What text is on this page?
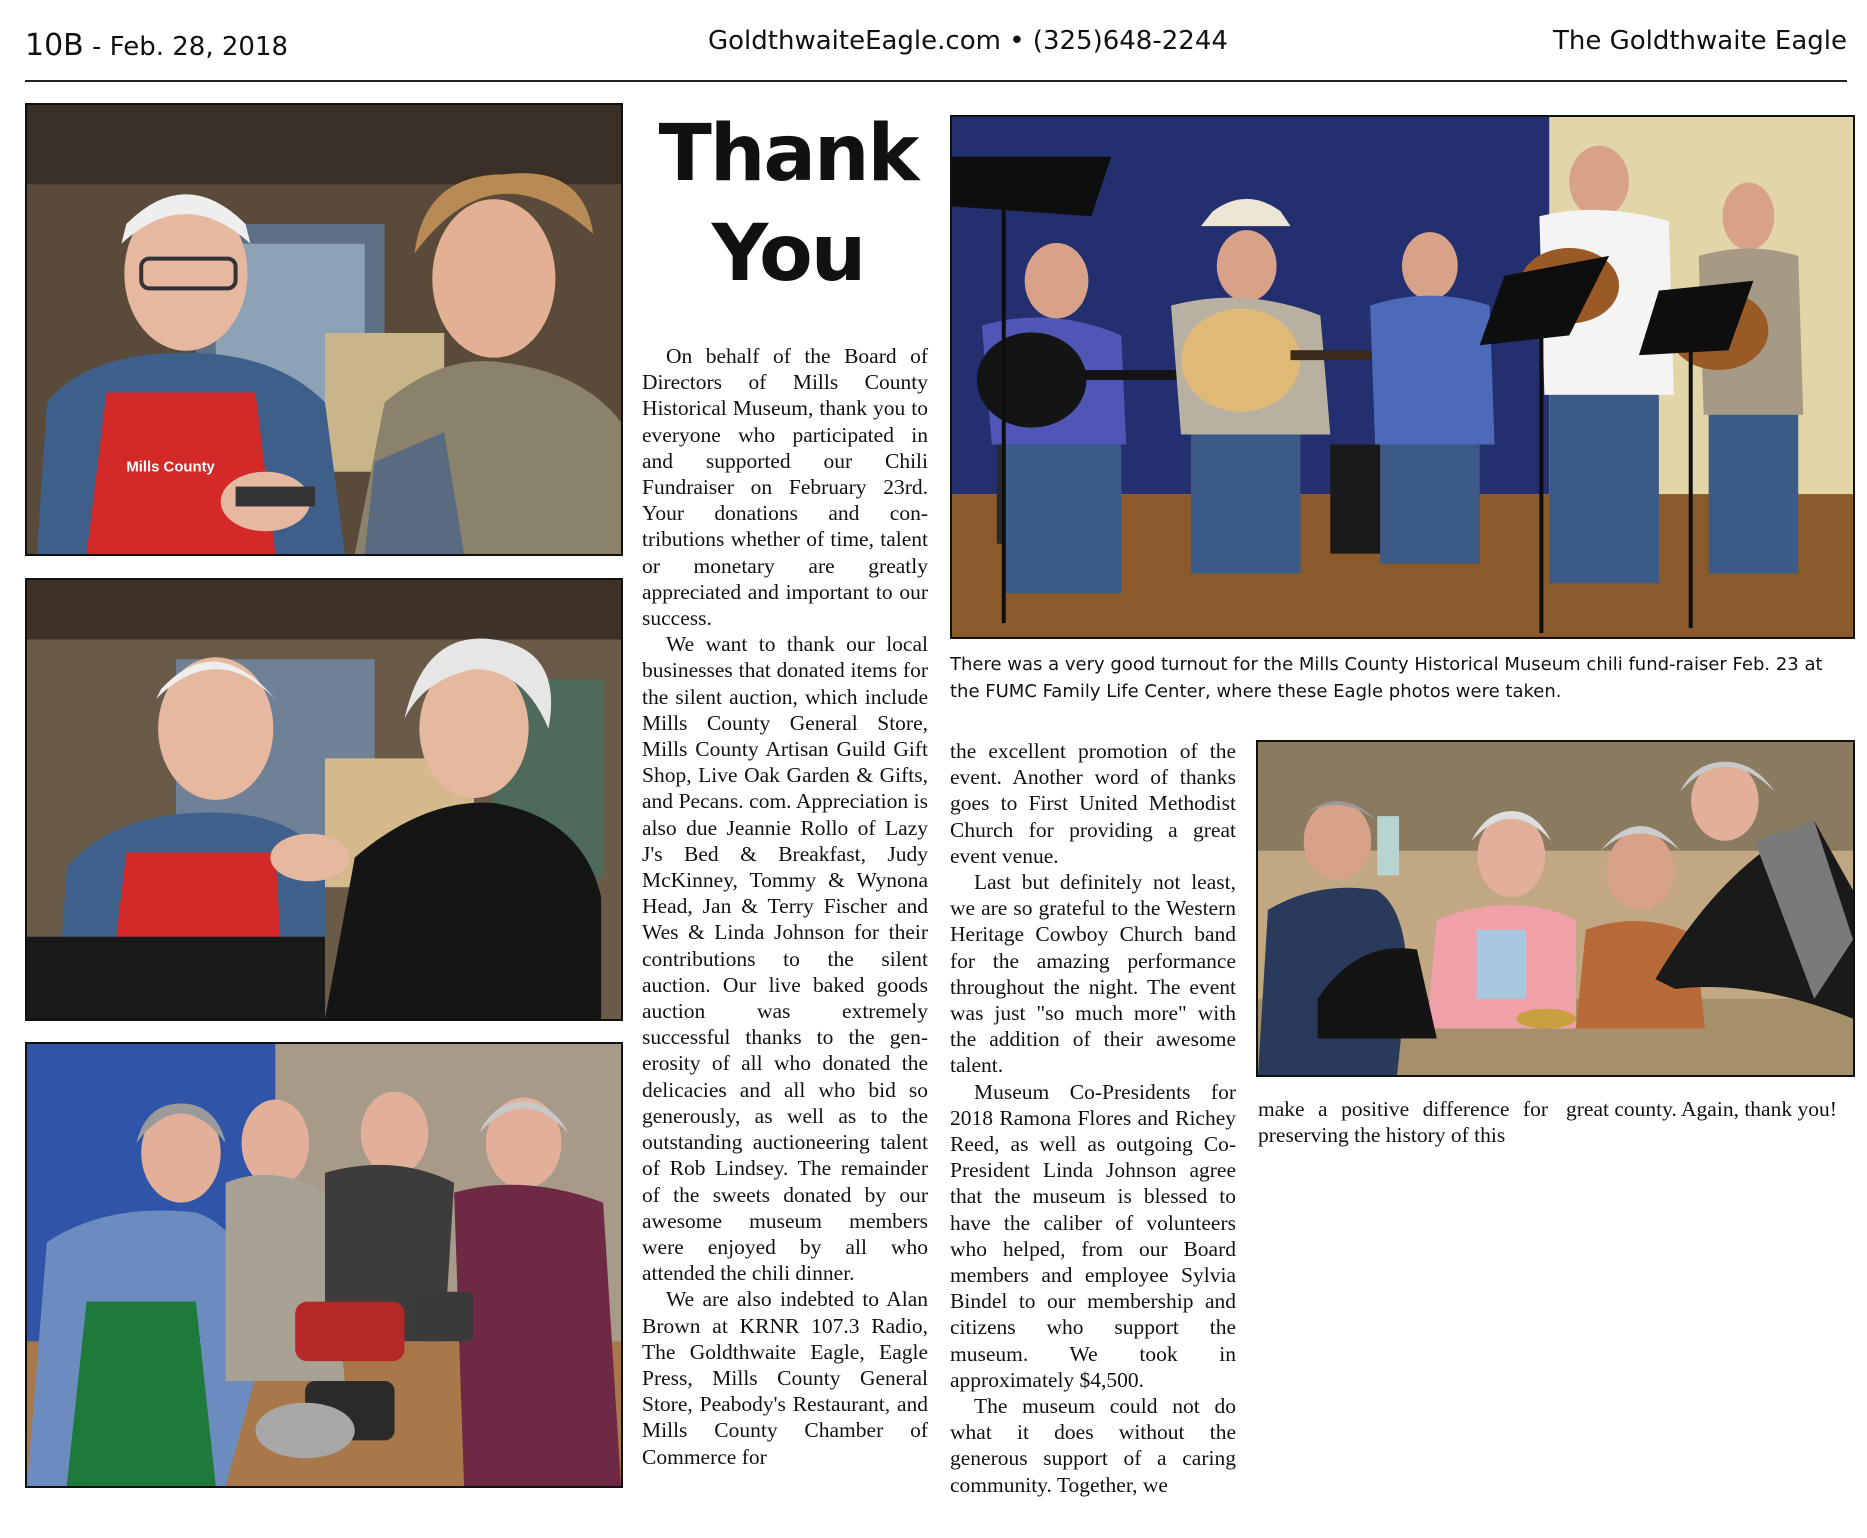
10B - Feb. 28, 2018	GoldthwaiteEagle.com • (325)648-2244	The Goldthwaite Eagle
Mills County
Thank
You

On behalf of the Board of Directors of Mills County Historical Museum, thank you to everyone who participated in and supported our Chili Fundraiser on February 23rd. Your donations and contributions whether of time, talent or monetary are greatly appreciated and important to our success.

We want to thank our local businesses that donated items for the silent auction, which include Mills County General Store, Mills County Artisan Guild Gift Shop, Live Oak Garden & Gifts, and Pecans. com. Appreciation is also due Jeannie Rollo of Lazy J's Bed & Breakfast, Judy McKinney, Tommy & Wynona Head, Jan & Terry Fischer and Wes & Linda Johnson for their contributions to the silent auction. Our live baked goods auction was extremely successful thanks to the generosity of all who donated the delicacies and all who bid so generously, as well as to the outstanding auctioneering talent of Rob Lindsey. The remainder of the sweets donated by our awesome museum members were enjoyed by all who attended the chili dinner.

We are also indebted to Alan Brown at KRNR 107.3 Radio, The Goldthwaite Eagle, Eagle Press, Mills County General Store, Peabody's Restaurant, and Mills County Chamber of Commerce for

There was a very good turnout for the Mills County Historical Museum chili fund-raiser Feb. 23 at the FUMC Family Life Center, where these Eagle photos were taken.

the excellent promotion of the event. Another word of thanks goes to First United Methodist Church for providing a great event venue.

Last but definitely not least, we are so grateful to the Western Heritage Cowboy Church band for the amazing performance throughout the night. The event was just "so much more" with the addition of their awesome talent.

Museum Co-Presidents for 2018 Ramona Flores and Richey Reed, as well as outgoing Co-President Linda Johnson agree that the museum is blessed to have the caliber of volunteers who helped, from our Board members and employee Sylvia Bindel to our membership and citizens who support the museum. We took in approximately $4,500.

The museum could not do what it does without the generous support of a caring community. Together, we

make a positive difference for preserving the history of this

great county. Again, thank you!
